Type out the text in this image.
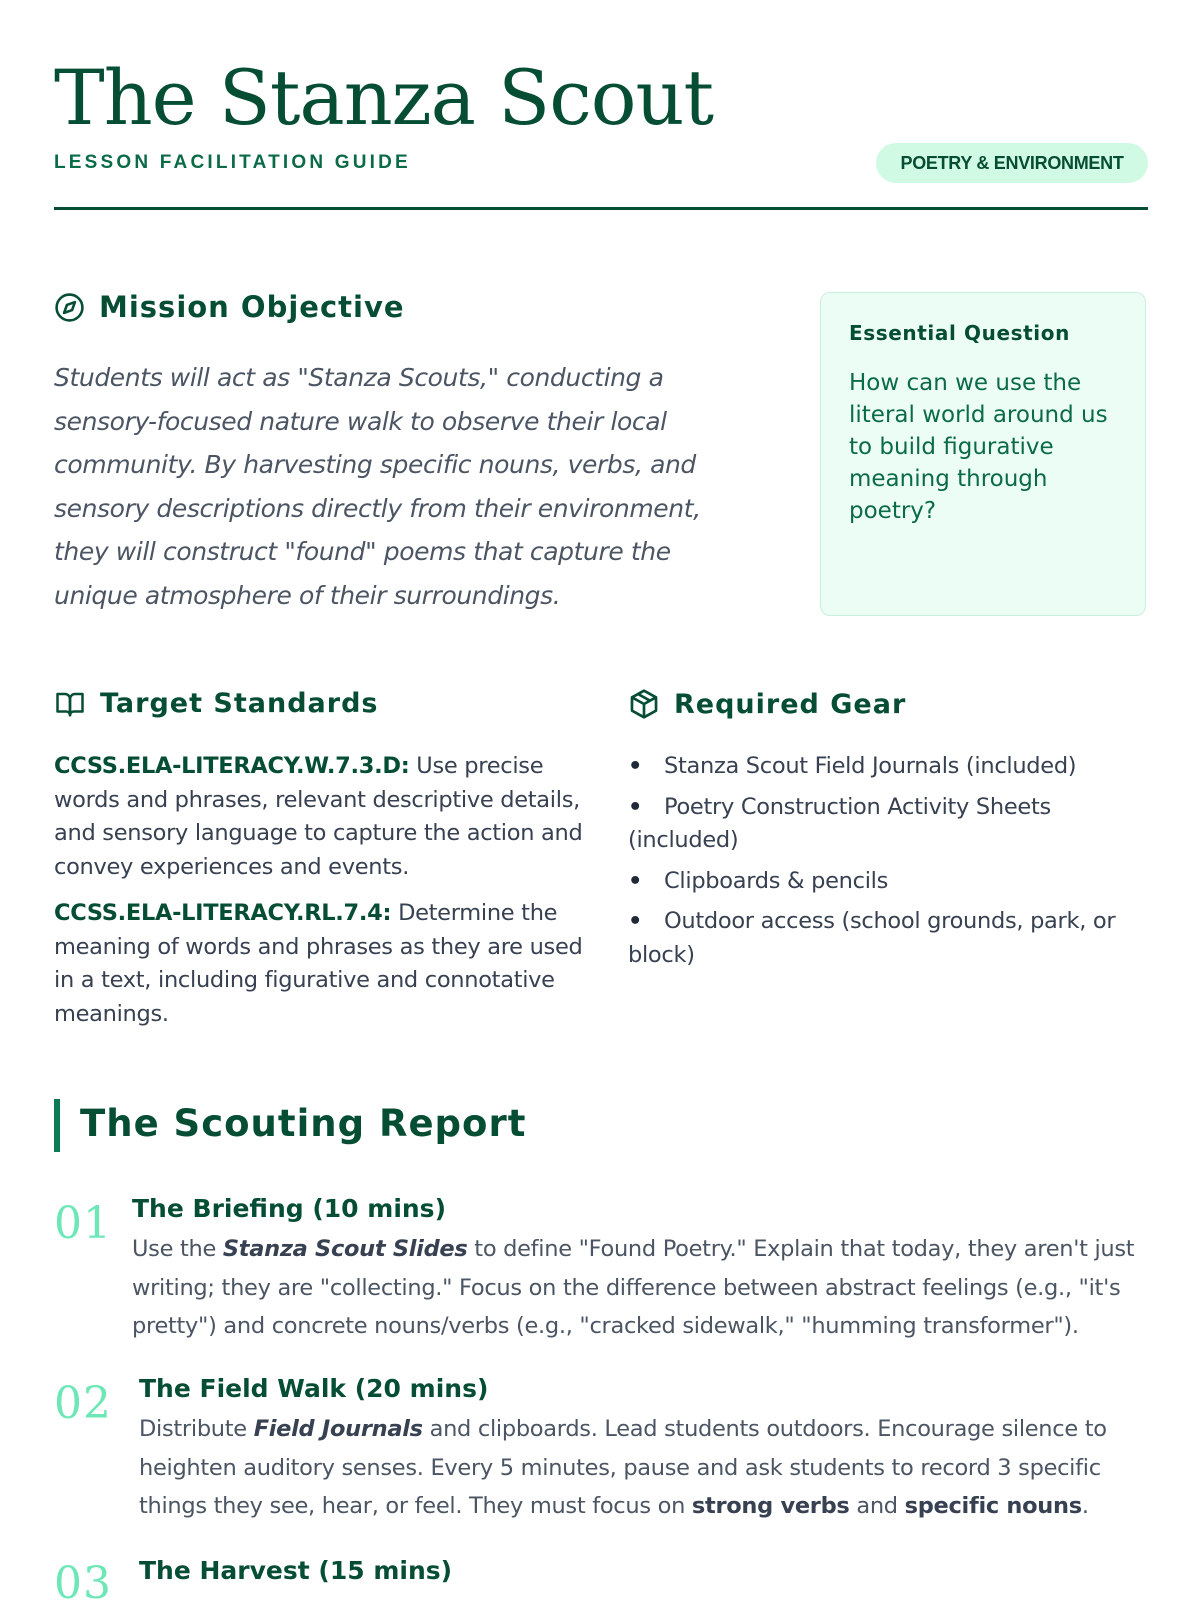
The Stanza Scout
LESSON FACILITATION GUIDE	POETRY & ENVIRONMENT
Mission Objective

Students will act as "Stanza Scouts," conducting a sensory-focused nature walk to observe their local community. By harvesting specific nouns, verbs, and sensory descriptions directly from their environment, they will construct "found" poems that capture the unique atmosphere of their surroundings.

Essential Question

How can we use the literal world around us to build figurative meaning through poetry?

Target Standards

CCSS.ELA-LITERACY.W.7.3.D: Use precise words and phrases, relevant descriptive details, and sensory language to capture the action and convey experiences and events.

CCSS.ELA-LITERACY.RL.7.4: Determine the meaning of words and phrases as they are used in a text, including figurative and connotative meanings.

Required Gear
• Stanza Scout Field Journals (included)
• Poetry Construction Activity Sheets (included)
• Clipboards & pencils
• Outdoor access (school grounds, park, or block)
The Scouting Report
01 The Briefing (10 mins)

Use the Stanza Scout Slides to define "Found Poetry." Explain that today, they aren't just writing; they are "collecting." Focus on the difference between abstract feelings (e.g., "it's pretty") and concrete nouns/verbs (e.g., "cracked sidewalk," "humming transformer").

02 The Field Walk (20 mins)

Distribute Field Journals and clipboards. Lead students outdoors. Encourage silence to heighten auditory senses. Every 5 minutes, pause and ask students to record 3 specific things they see, hear, or feel. They must focus on strong verbs and specific nouns.

03 The Harvest (15 mins)
